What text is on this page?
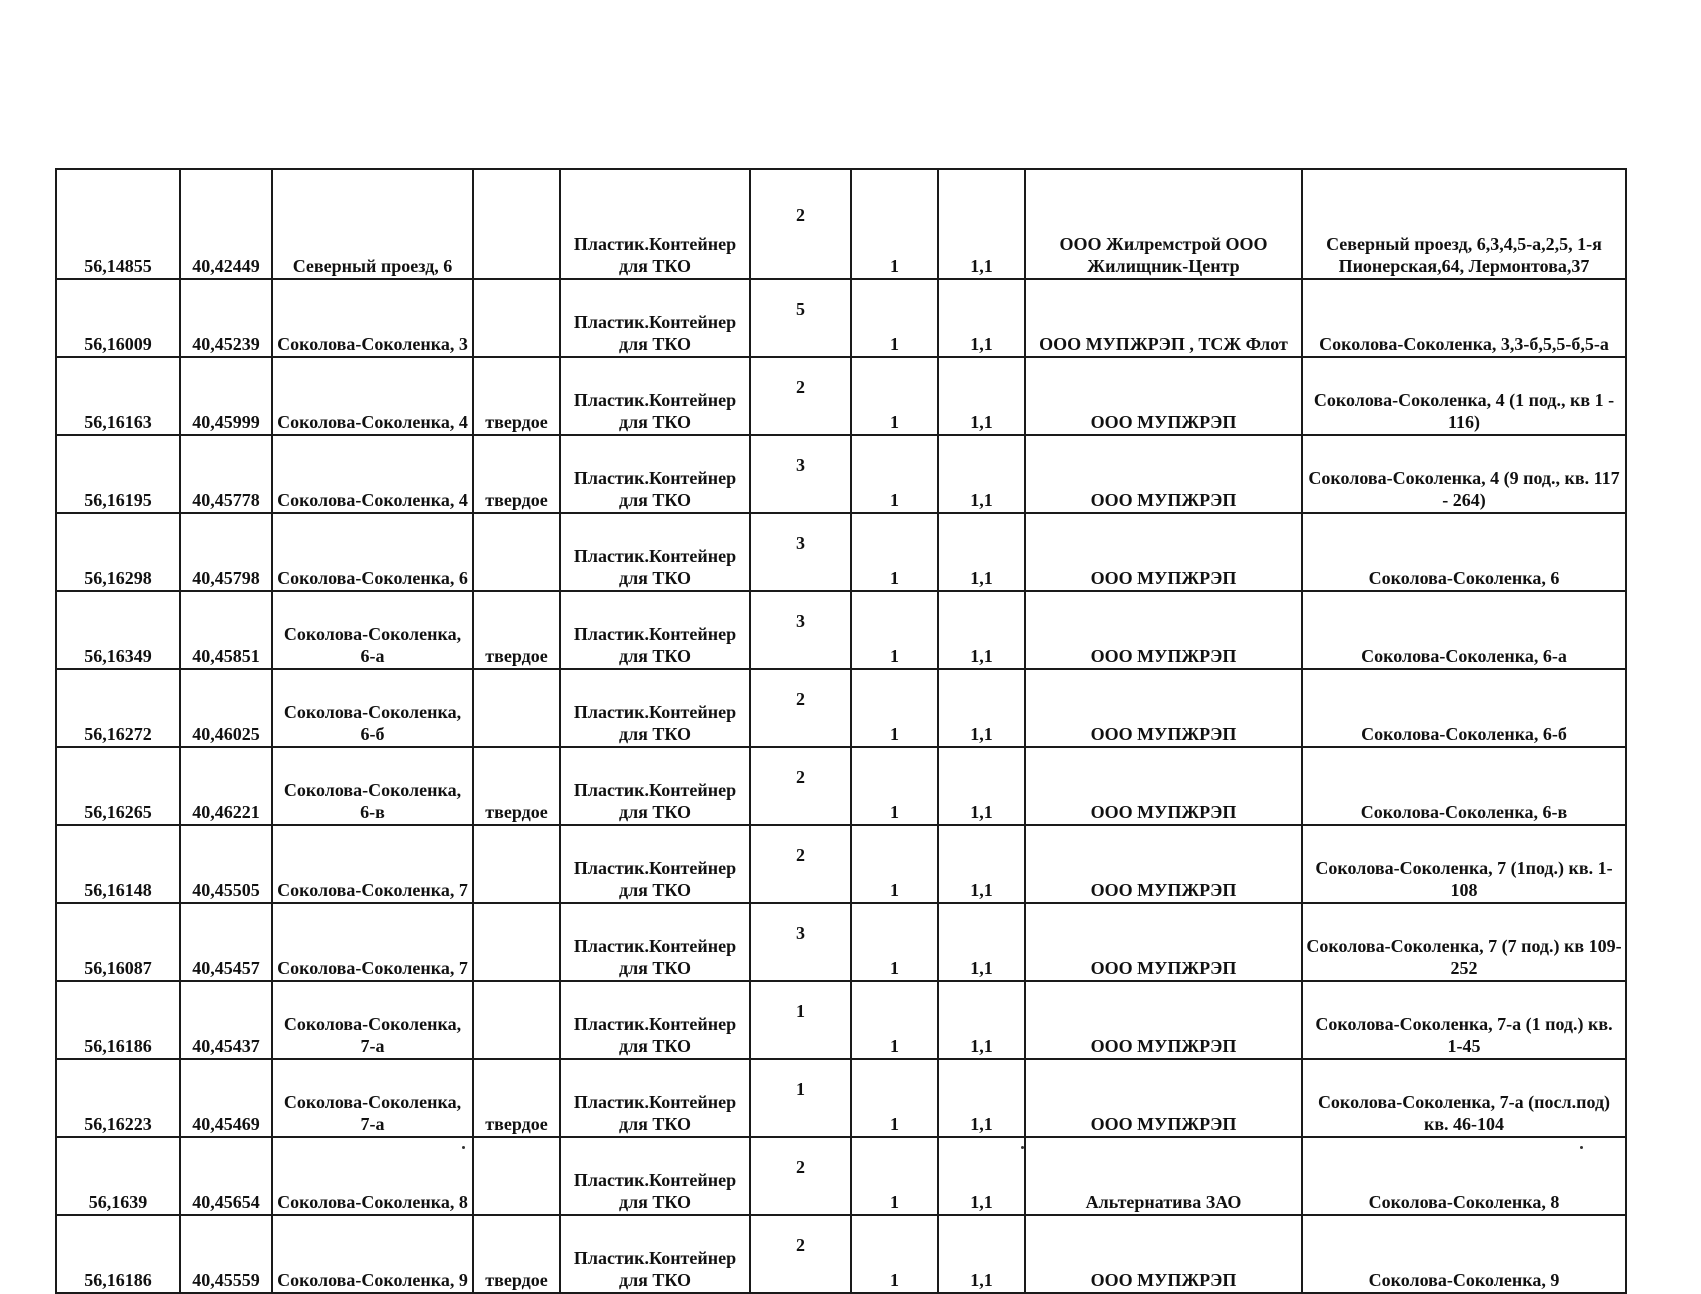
56,14855	40,42449	Северный проезд, 6		Пластик.Контейнер для ТКО	2	1	1,1	ООО Жилремстрой ООО Жилищник-Центр	Северный проезд, 6,3,4,5-а,2,5, 1-я Пионерская,64, Лермонтова,37
56,16009	40,45239	Соколова-Соколенка, 3		Пластик.Контейнер для ТКО	5	1	1,1	ООО МУПЖРЭП , ТСЖ Флот	Соколова-Соколенка, 3,3-б,5,5-б,5-а
56,16163	40,45999	Соколова-Соколенка, 4	твердое	Пластик.Контейнер для ТКО	2	1	1,1	ООО МУПЖРЭП	Соколова-Соколенка, 4 (1 под., кв 1 - 116)
56,16195	40,45778	Соколова-Соколенка, 4	твердое	Пластик.Контейнер для ТКО	3	1	1,1	ООО МУПЖРЭП	Соколова-Соколенка, 4 (9 под., кв. 117 - 264)
56,16298	40,45798	Соколова-Соколенка, 6		Пластик.Контейнер для ТКО	3	1	1,1	ООО МУПЖРЭП	Соколова-Соколенка, 6
56,16349	40,45851	Соколова-Соколенка, 6-а	твердое	Пластик.Контейнер для ТКО	3	1	1,1	ООО МУПЖРЭП	Соколова-Соколенка, 6-а
56,16272	40,46025	Соколова-Соколенка, 6-б		Пластик.Контейнер для ТКО	2	1	1,1	ООО МУПЖРЭП	Соколова-Соколенка, 6-б
56,16265	40,46221	Соколова-Соколенка, 6-в	твердое	Пластик.Контейнер для ТКО	2	1	1,1	ООО МУПЖРЭП	Соколова-Соколенка, 6-в
56,16148	40,45505	Соколова-Соколенка, 7		Пластик.Контейнер для ТКО	2	1	1,1	ООО МУПЖРЭП	Соколова-Соколенка, 7 (1под.) кв. 1-108
56,16087	40,45457	Соколова-Соколенка, 7		Пластик.Контейнер для ТКО	3	1	1,1	ООО МУПЖРЭП	Соколова-Соколенка, 7 (7 под.) кв 109-252
56,16186	40,45437	Соколова-Соколенка, 7-а		Пластик.Контейнер для ТКО	1	1	1,1	ООО МУПЖРЭП	Соколова-Соколенка, 7-а (1 под.) кв. 1-45
56,16223	40,45469	Соколова-Соколенка, 7-а	твердое	Пластик.Контейнер для ТКО	1	1	1,1	ООО МУПЖРЭП	Соколова-Соколенка, 7-а (посл.под) кв. 46-104
56,1639	40,45654	Соколова-Соколенка, 8		Пластик.Контейнер для ТКО	2	1	1,1	Альтернатива ЗАО	Соколова-Соколенка, 8
56,16186	40,45559	Соколова-Соколенка, 9	твердое	Пластик.Контейнер для ТКО	2	1	1,1	ООО МУПЖРЭП	Соколова-Соколенка, 9
